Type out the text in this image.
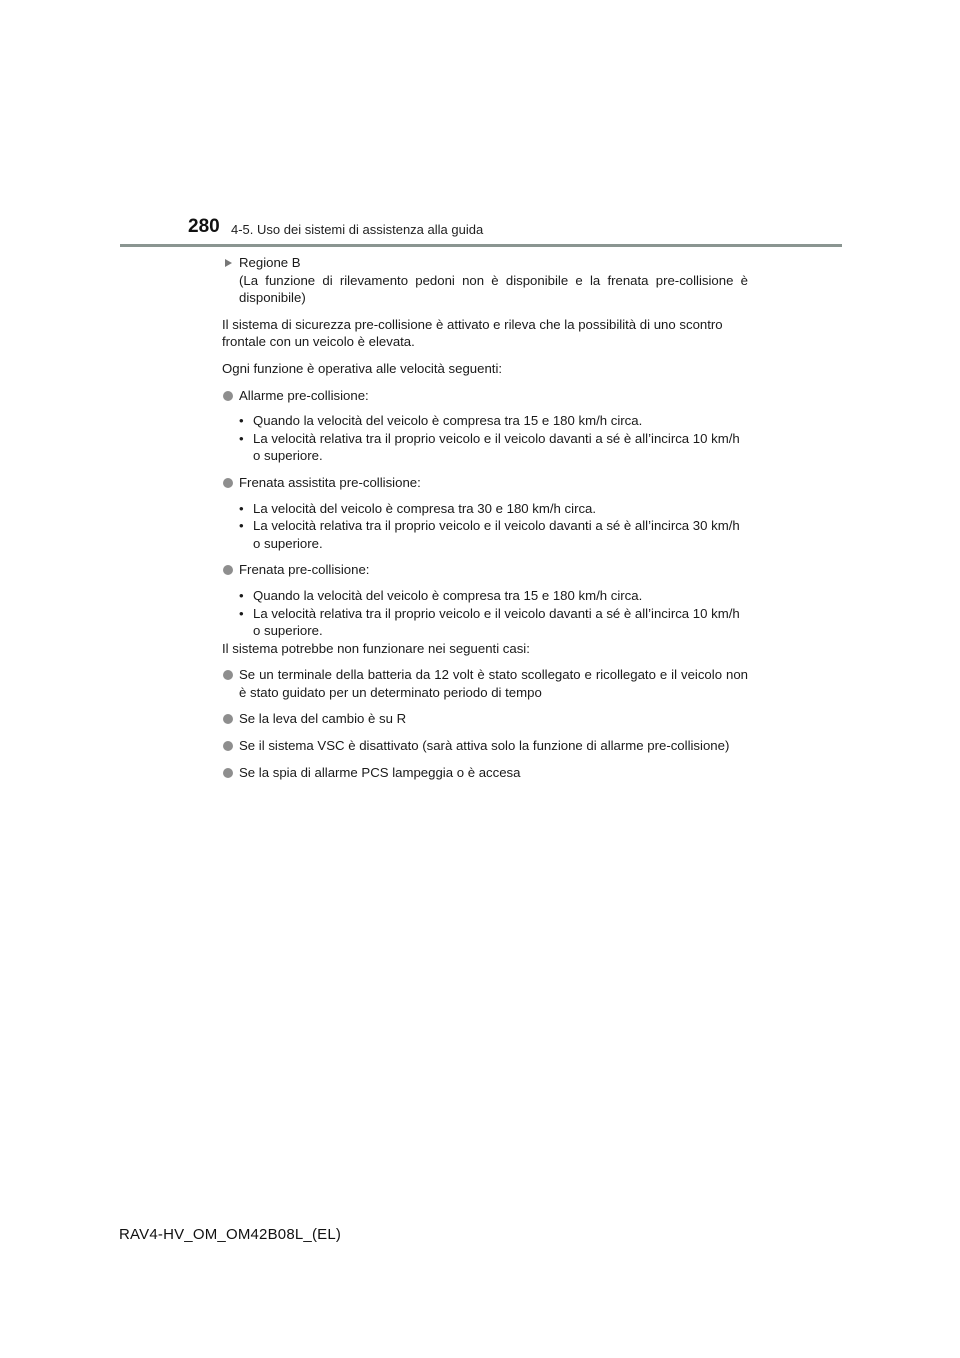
280 4-5. Uso dei sistemi di assistenza alla guida

Regione B

(La funzione di rilevamento pedoni non è disponibile e la frenata pre-collisione è disponibile)

Il sistema di sicurezza pre-collisione è attivato e rileva che la possibilità di uno scontro frontale con un veicolo è elevata.

Ogni funzione è operativa alle velocità seguenti:

Allarme pre-collisione:

• Quando la velocità del veicolo è compresa tra 15 e 180 km/h circa.
• La velocità relativa tra il proprio veicolo e il veicolo davanti a sé è all’incirca 10 km/h o superiore.

Frenata assistita pre-collisione:

• La velocità del veicolo è compresa tra 30 e 180 km/h circa.
• La velocità relativa tra il proprio veicolo e il veicolo davanti a sé è all’incirca 30 km/h o superiore.

Frenata pre-collisione:

• Quando la velocità del veicolo è compresa tra 15 e 180 km/h circa.
• La velocità relativa tra il proprio veicolo e il veicolo davanti a sé è all’incirca 10 km/h o superiore.

Il sistema potrebbe non funzionare nei seguenti casi:

Se un terminale della batteria da 12 volt è stato scollegato e ricollegato e il veicolo non è stato guidato per un determinato periodo di tempo

Se la leva del cambio è su R

Se il sistema VSC è disattivato (sarà attiva solo la funzione di allarme pre-collisione)

Se la spia di allarme PCS lampeggia o è accesa

RAV4-HV_OM_OM42B08L_(EL)
